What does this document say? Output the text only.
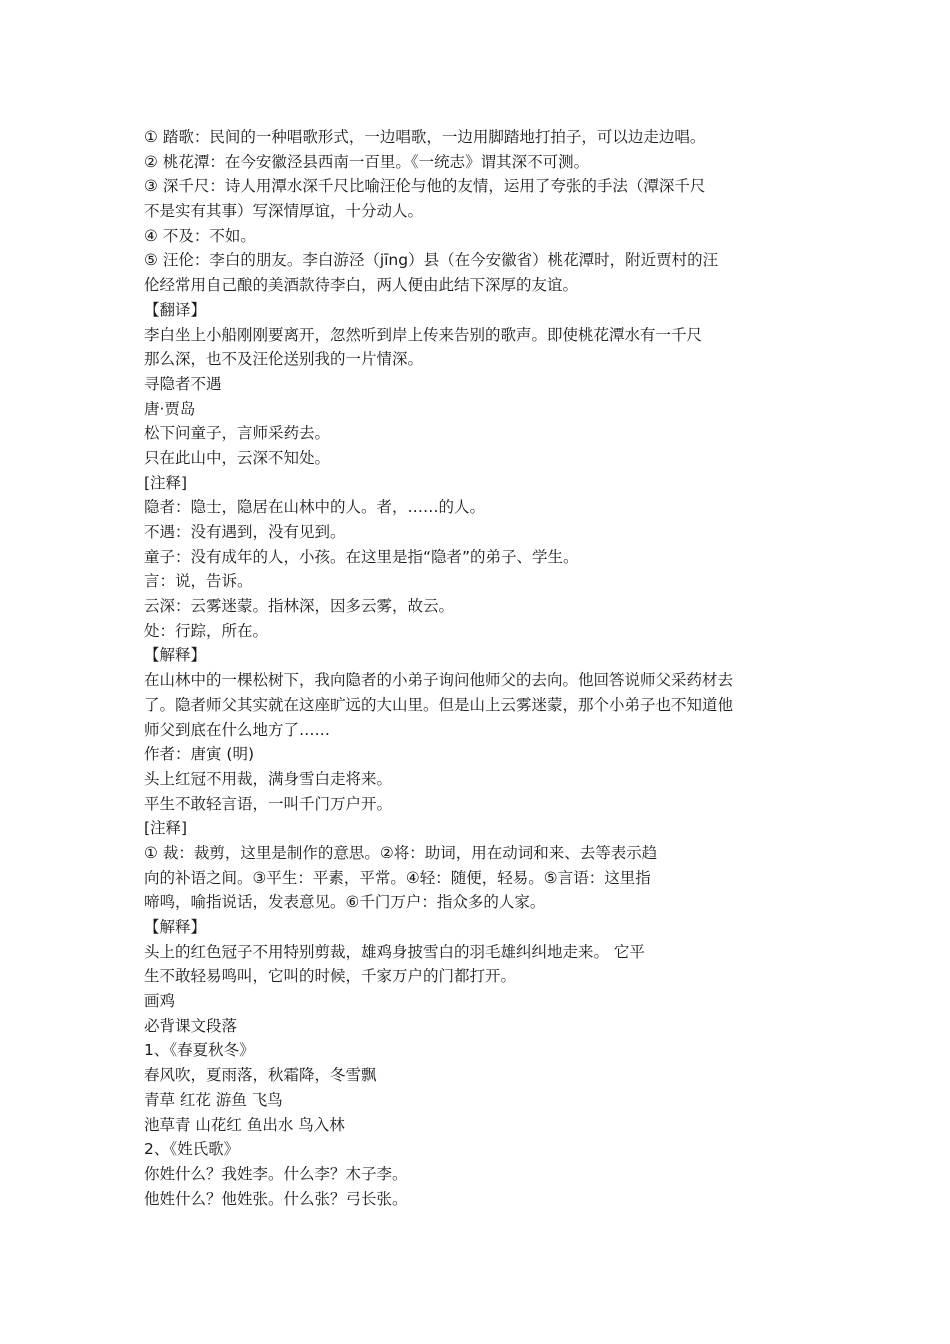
① 踏歌：民间的一种唱歌形式，一边唱歌，一边用脚踏地打拍子，可以边走边唱。

② 桃花潭：在今安徽泾县西南一百里。《一统志》谓其深不可测。

③ 深千尺：诗人用潭水深千尺比喻汪伦与他的友情，运用了夸张的手法（潭深千尺

不是实有其事）写深情厚谊，十分动人。

④ 不及：不如。

⑤ 汪伦：李白的朋友。李白游泾（jīng）县（在今安徽省）桃花潭时，附近贾村的汪

伦经常用自己酿的美酒款待李白，两人便由此结下深厚的友谊。

【翻译】

李白坐上小船刚刚要离开，忽然听到岸上传来告别的歌声。即使桃花潭水有一千尺

那么深，也不及汪伦送别我的一片情深。

寻隐者不遇

唐·贾岛

松下问童子，言师采药去。

只在此山中，云深不知处。

[注释]

隐者：隐士，隐居在山林中的人。者，……的人。

不遇：没有遇到，没有见到。

童子：没有成年的人，小孩。在这里是指“隐者”的弟子、学生。

言：说，告诉。

云深：云雾迷蒙。指林深，因多云雾，故云。

处：行踪，所在。

【解释】

在山林中的一棵松树下，我向隐者的小弟子询问他师父的去向。他回答说师父采药材去

了。隐者师父其实就在这座旷远的大山里。但是山上云雾迷蒙，那个小弟子也不知道他

师父到底在什么地方了……

作者：唐寅 (明)

头上红冠不用裁，满身雪白走将来。

平生不敢轻言语，一叫千门万户开。

[注释]

① 裁：裁剪，这里是制作的意思。②将：助词，用在动词和来、去等表示趋

向的补语之间。③平生：平素，平常。④轻：随便，轻易。⑤言语：这里指

啼鸣，喻指说话，发表意见。⑥千门万户：指众多的人家。

【解释】

头上的红色冠子不用特别剪裁，雄鸡身披雪白的羽毛雄纠纠地走来。 它平

生不敢轻易鸣叫，它叫的时候，千家万户的门都打开。

画鸡

必背课文段落

1、《春夏秋冬》

春风吹，夏雨落，秋霜降，冬雪飘

青草 红花 游鱼 飞鸟

池草青 山花红 鱼出水 鸟入林

2、《姓氏歌》

你姓什么？我姓李。什么李？木子李。

他姓什么？他姓张。什么张？弓长张。
